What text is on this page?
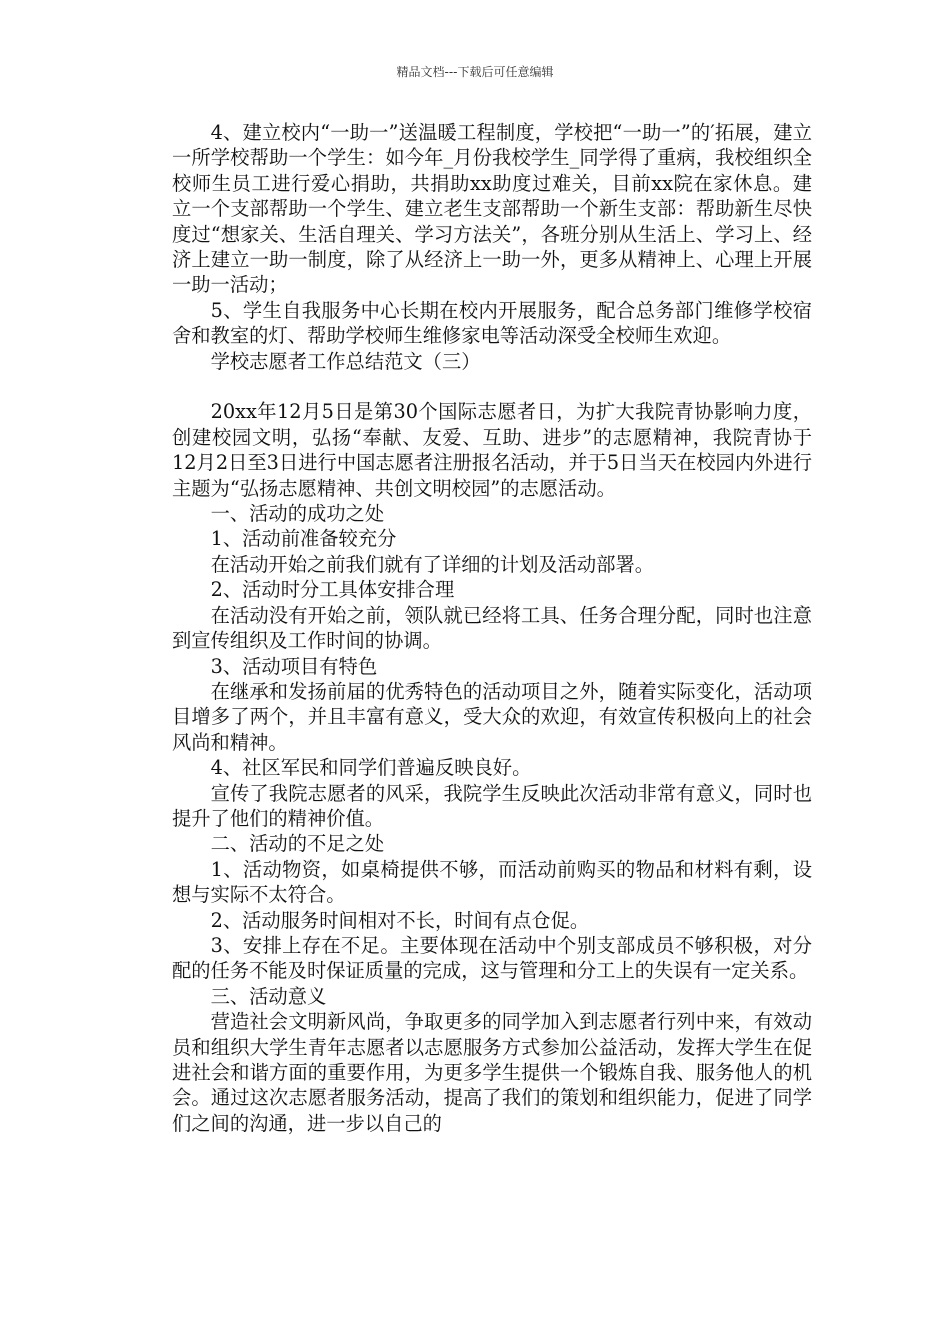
精品文档---下载后可任意编辑

4、建立校内“一助一”送温暖工程制度，学校把“一助一”的′拓展，建立一所学校帮助一个学生：如今年_月份我校学生_同学得了重病，我校组织全校师生员工进行爱心捐助，共捐助xx助度过难关，目前xx院在家休息。建立一个支部帮助一个学生、建立老生支部帮助一个新生支部：帮助新生尽快度过“想家关、生活自理关、学习方法关”，各班分别从生活上、学习上、经济上建立一助一制度，除了从经济上一助一外，更多从精神上、心理上开展一助一活动；

5、学生自我服务中心长期在校内开展服务，配合总务部门维修学校宿舍和教室的灯、帮助学校师生维修家电等活动深受全校师生欢迎。

学校志愿者工作总结范文（三）

20xx年12月5日是第30个国际志愿者日，为扩大我院青协影响力度，创建校园文明，弘扬“奉献、友爱、互助、进步”的志愿精神，我院青协于12月2日至3日进行中国志愿者注册报名活动，并于5日当天在校园内外进行主题为“弘扬志愿精神、共创文明校园”的志愿活动。

一、活动的成功之处

1、活动前准备较充分

在活动开始之前我们就有了详细的计划及活动部署。

2、活动时分工具体安排合理

在活动没有开始之前，领队就已经将工具、任务合理分配，同时也注意到宣传组织及工作时间的协调。

3、活动项目有特色

在继承和发扬前届的优秀特色的活动项目之外，随着实际变化，活动项目增多了两个，并且丰富有意义，受大众的欢迎，有效宣传积极向上的社会风尚和精神。

4、社区军民和同学们普遍反映良好。

宣传了我院志愿者的风采，我院学生反映此次活动非常有意义，同时也提升了他们的精神价值。

二、活动的不足之处

1、活动物资，如桌椅提供不够，而活动前购买的物品和材料有剩，设想与实际不太符合。

2、活动服务时间相对不长，时间有点仓促。

3、安排上存在不足。主要体现在活动中个别支部成员不够积极，对分配的任务不能及时保证质量的完成，这与管理和分工上的失误有一定关系。

三、活动意义

营造社会文明新风尚，争取更多的同学加入到志愿者行列中来，有效动员和组织大学生青年志愿者以志愿服务方式参加公益活动，发挥大学生在促进社会和谐方面的重要作用，为更多学生提供一个锻炼自我、服务他人的机会。通过这次志愿者服务活动，提高了我们的策划和组织能力，促进了同学们之间的沟通，进一步以自己的
